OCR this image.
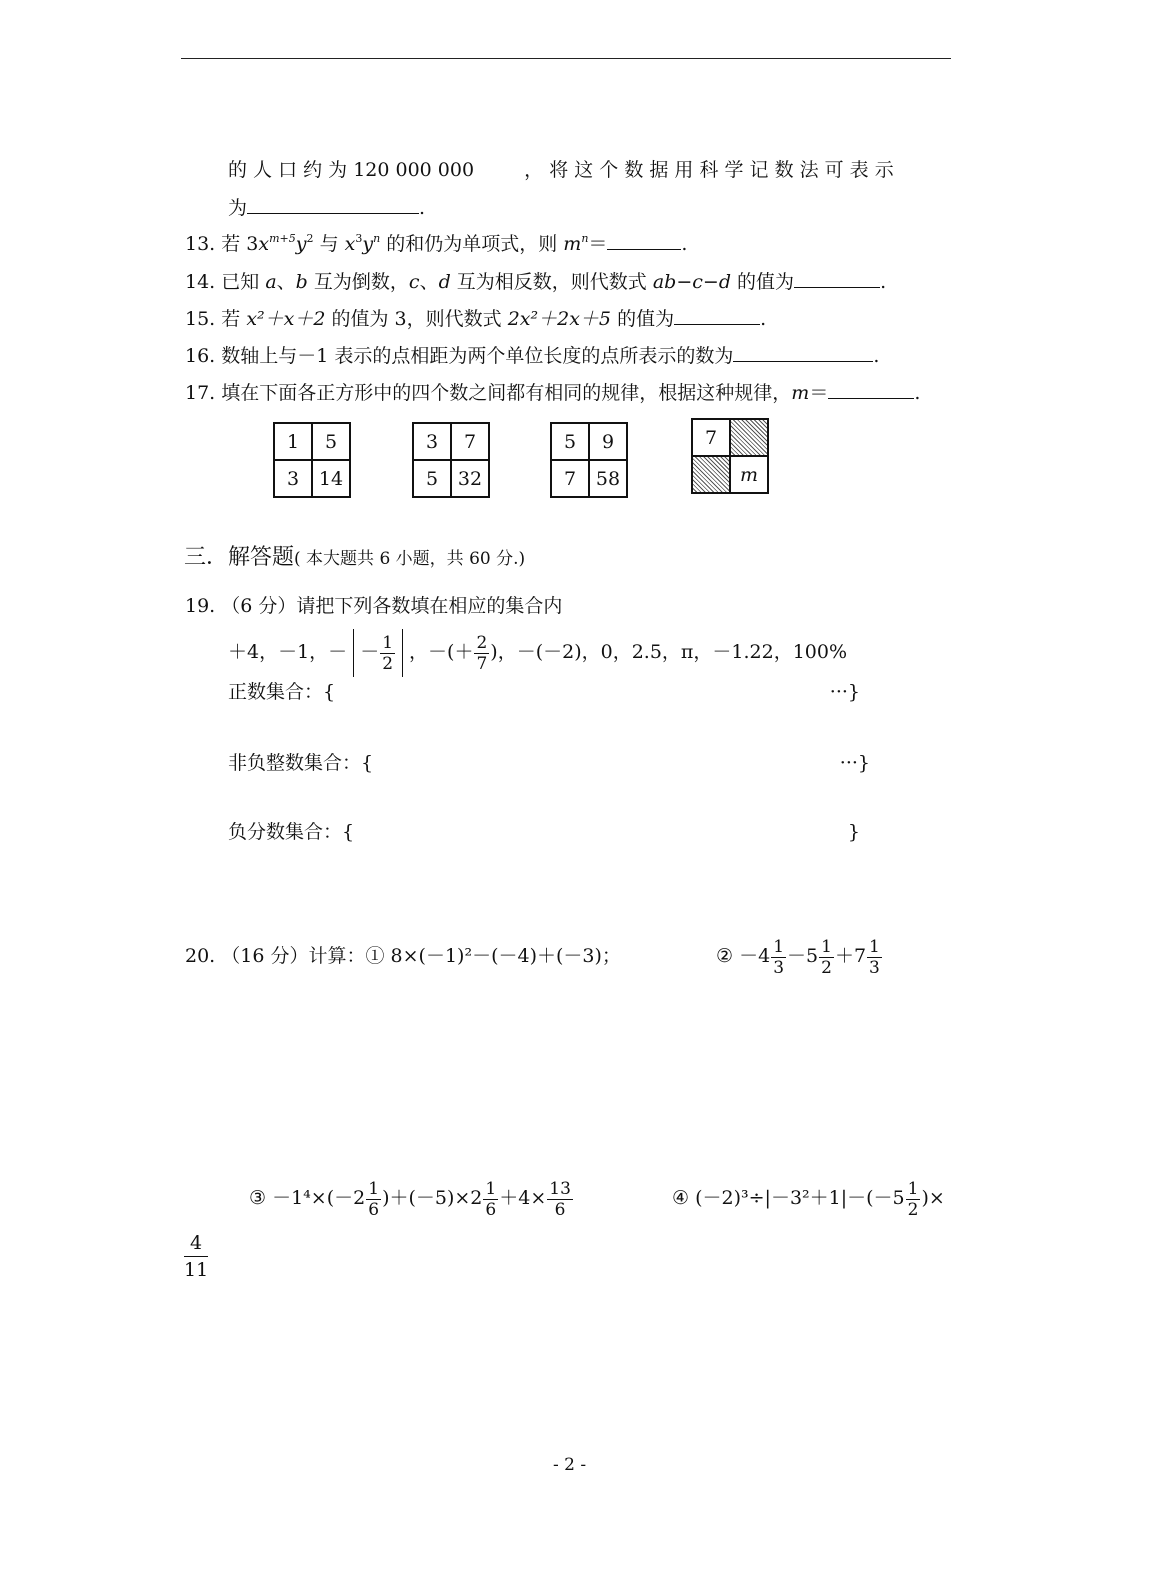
的 人 口 约 为 120 000 000	， 将 这 个 数 据 用 科 学 记 数 法 可 表 示
为	.
13. 若 $3x^{m+5}y^2$ 与 $x^3y^n$ 的和仍为单项式，则 $m^n=$	.
14. 已知 a、b 互为倒数，c、d 互为相反数，则代数式 ab−c−d 的值为	.
15. 若 x²＋x＋2 的值为 3，则代数式 2x²＋2x＋5 的值为	.
16. 数轴上与－1 表示的点相距为两个单位长度的点所表示的数为	.
17. 填在下面各正方形中的四个数之间都有相同的规律，根据这种规律，m＝	.
1	5
3	14
3	7
5	32
5	9
7	58
7	
	m
三．解答题( 本大题共 6 小题，共 60 分.)
19. （6 分）请把下列各数填在相应的集合内
＋4，－1，－ － $\frac{1}{2}$ ，－(＋ $\frac{2}{7}$ )，－(－2)，0，2.5，π，－1.22，100%
正数集合：{	···}
非负整数集合：{	···}
负分数集合：{	}
20. （16 分）计算：① 8×(－1)²－(－4)＋(－3)；	② $-4 \frac{1}{3} -5 \frac{1}{2} +7 \frac{1}{3}$
③ $-1^4\times(-2 \frac{1}{6} )+(-5)\times 2 \frac{1}{6} +4\times \frac{13}{6}$	④ $(-2)^3\div|-3^2+1|-(-5 \frac{1}{2}$ )×
$\frac{4}{11}$
- 2 -
